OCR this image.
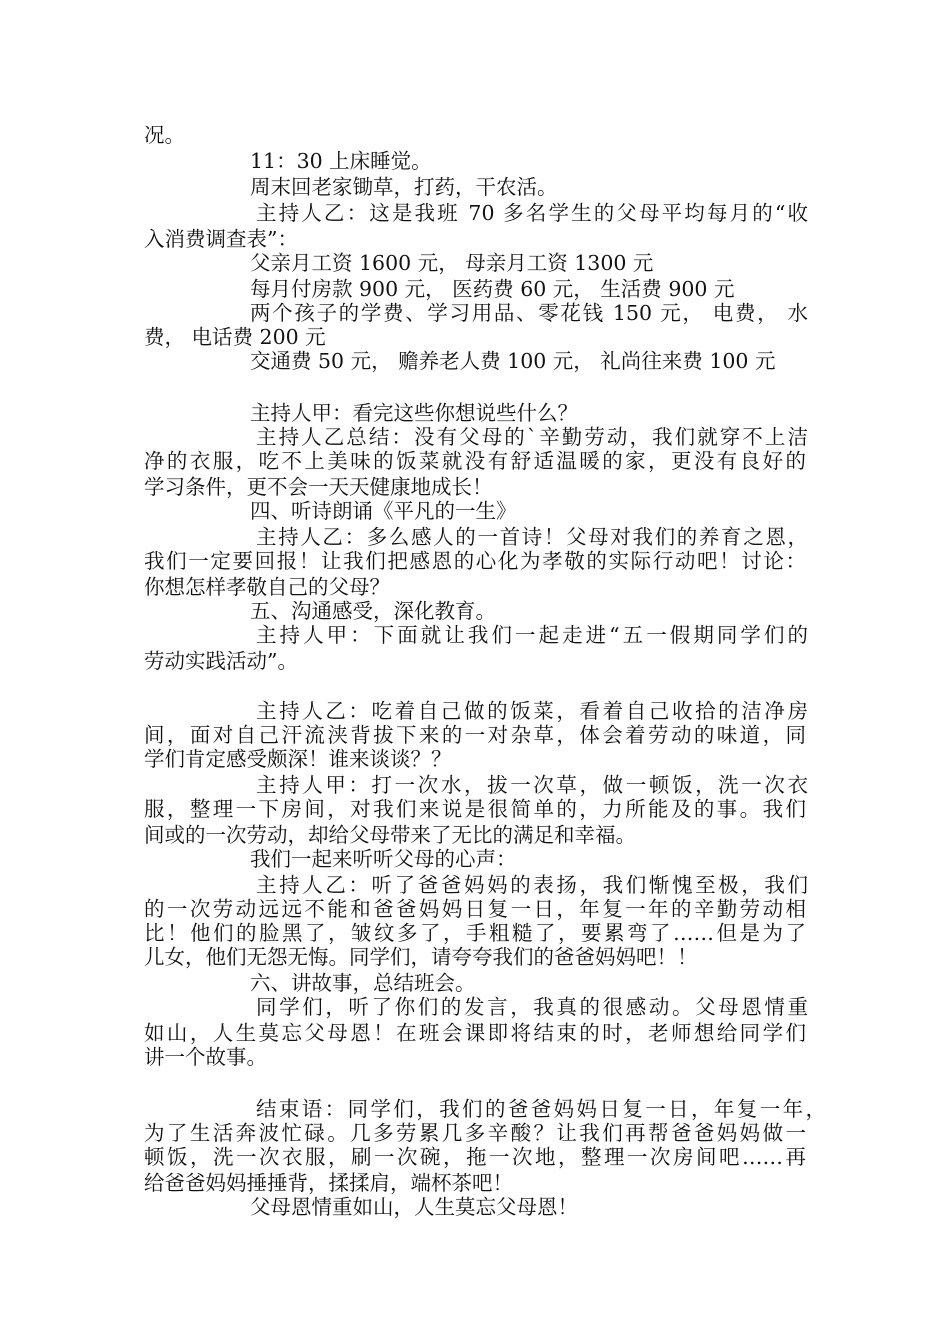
况。
11：30 上床睡觉。
周末回老家锄草，打药，干农活。
主持人乙：这是我班 70 多名学生的父母平均每月的“收
入消费调查表”：
父亲月工资 1600 元， 母亲月工资 1300 元
每月付房款 900 元， 医药费 60 元， 生活费 900 元
两个孩子的学费、学习用品、零花钱 150 元， 电费， 水
费， 电话费 200 元
交通费 50 元， 赡养老人费 100 元， 礼尚往来费 100 元
主持人甲：看完这些你想说些什么？
主持人乙总结：没有父母的`辛勤劳动，我们就穿不上洁
净的衣服，吃不上美味的饭菜就没有舒适温暖的家，更没有良好的
学习条件，更不会一天天健康地成长！
四、听诗朗诵《平凡的一生》
主持人乙：多么感人的一首诗！父母对我们的养育之恩，
我们一定要回报！让我们把感恩的心化为孝敬的实际行动吧！讨论：
你想怎样孝敬自己的父母？
五、沟通感受，深化教育。
主持人甲：下面就让我们一起走进“五一假期同学们的
劳动实践活动”。
主持人乙：吃着自己做的饭菜，看着自己收拾的洁净房
间，面对自己汗流浃背拔下来的一对杂草，体会着劳动的味道，同
学们肯定感受颇深！谁来谈谈？？
主持人甲：打一次水，拔一次草，做一顿饭，洗一次衣
服，整理一下房间，对我们来说是很简单的，力所能及的事。我们
间或的一次劳动，却给父母带来了无比的满足和幸福。
我们一起来听听父母的心声：
主持人乙：听了爸爸妈妈的表扬，我们惭愧至极，我们
的一次劳动远远不能和爸爸妈妈日复一日，年复一年的辛勤劳动相
比！他们的脸黑了，皱纹多了，手粗糙了，要累弯了……但是为了
儿女，他们无怨无悔。同学们，请夸夸我们的爸爸妈妈吧！！
六、讲故事，总结班会。
同学们，听了你们的发言，我真的很感动。父母恩情重
如山，人生莫忘父母恩！在班会课即将结束的时，老师想给同学们
讲一个故事。
结束语：同学们，我们的爸爸妈妈日复一日，年复一年，
为了生活奔波忙碌。几多劳累几多辛酸？让我们再帮爸爸妈妈做一
顿饭，洗一次衣服，刷一次碗，拖一次地，整理一次房间吧……再
给爸爸妈妈捶捶背，揉揉肩，端杯茶吧！
父母恩情重如山，人生莫忘父母恩！
